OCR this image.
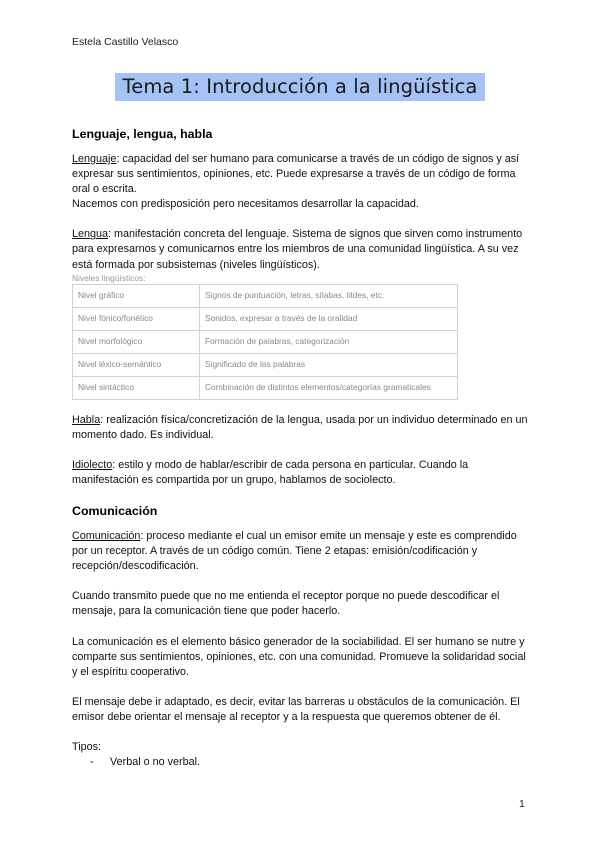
Estela Castillo Velasco
Tema 1: Introducción a la lingüística
Lenguaje, lengua, habla

Lenguaje: capacidad del ser humano para comunicarse a través de un código de signos y así expresar sus sentimientos, opiniones, etc. Puede expresarse a través de un código de forma oral o escrita.

Nacemos con predisposición pero necesitamos desarrollar la capacidad.

Lengua: manifestación concreta del lenguaje. Sistema de signos que sirven como instrumento para expresarnos y comunicarnos entre los miembros de una comunidad lingüística. A su vez está formada por subsistemas (niveles lingüísticos).

Niveles lingüísticos:
Nivel gráfico	Signos de puntuación, letras, sílabas, tildes, etc.
Nivel fónico/fonético	Sonidos, expresar a través de la oralidad
Nivel morfológico	Formación de palabras, categorización
Nivel léxico-semántico	Significado de las palabras
Nivel sintáctico	Combinación de distintos elementos/categorías gramaticales

Habla: realización física/concretización de la lengua, usada por un individuo determinado en un momento dado. Es individual.

Idiolecto: estilo y modo de hablar/escribir de cada persona en particular. Cuando la manifestación es compartida por un grupo, hablamos de sociolecto.

Comunicación

Comunicación: proceso mediante el cual un emisor emite un mensaje y este es comprendido por un receptor. A través de un código común. Tiene 2 etapas: emisión/codificación y recepción/descodificación.

Cuando transmito puede que no me entienda el receptor porque no puede descodificar el mensaje, para la comunicación tiene que poder hacerlo.

La comunicación es el elemento básico generador de la sociabilidad. El ser humano se nutre y comparte sus sentimientos, opiniones, etc. con una comunidad. Promueve la solidaridad social y el espíritu cooperativo.

El mensaje debe ir adaptado, es decir, evitar las barreras u obstáculos de la comunicación. El emisor debe orientar el mensaje al receptor y a la respuesta que queremos obtener de él.

Tipos:

- Verbal o no verbal.

1
